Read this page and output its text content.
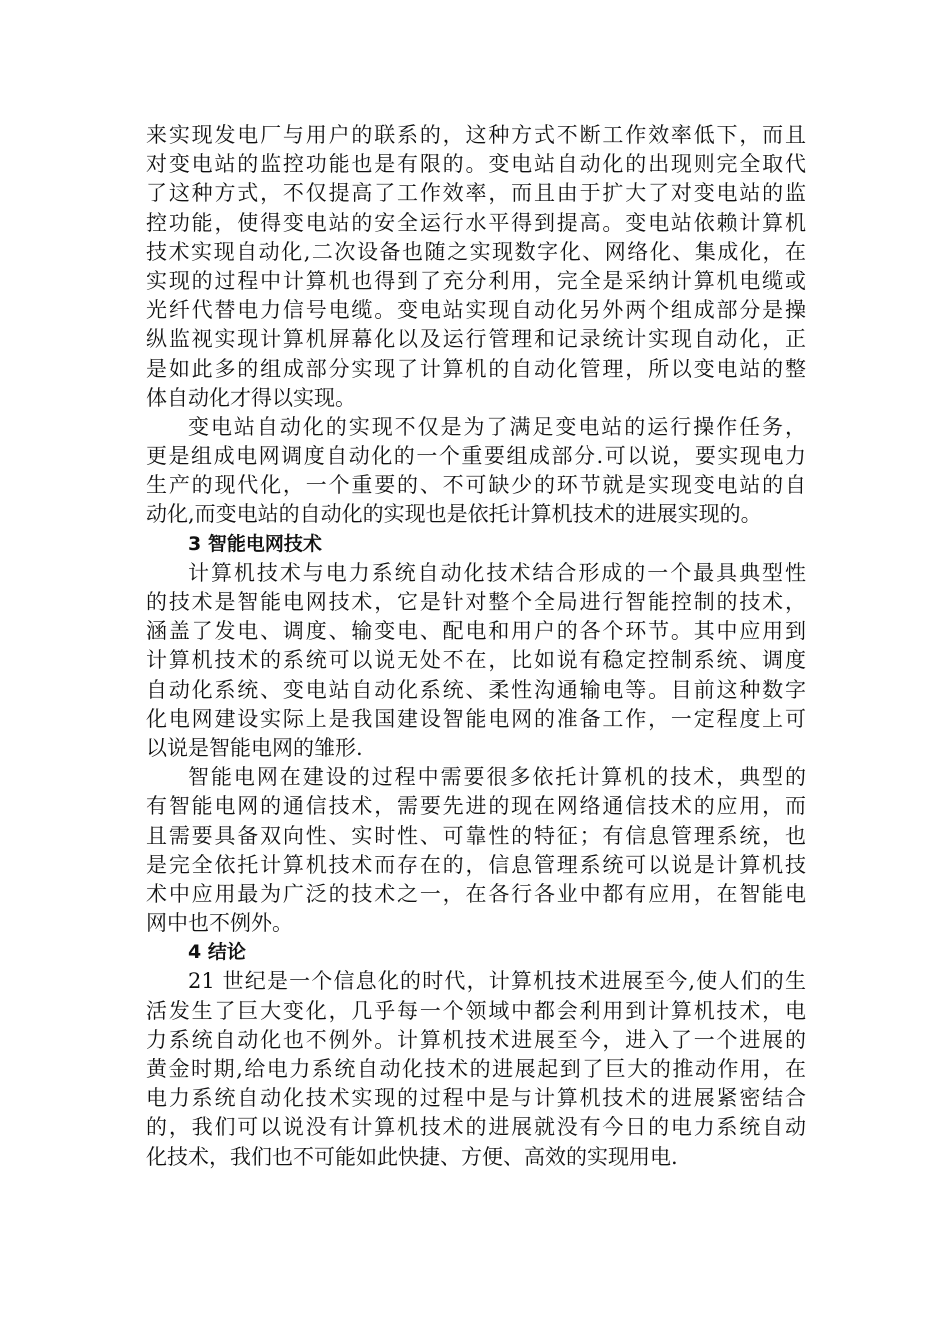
来实现发电厂与用户的联系的，这种方式不断工作效率低下，而且
对变电站的监控功能也是有限的。变电站自动化的出现则完全取代
了这种方式，不仅提高了工作效率，而且由于扩大了对变电站的监
控功能，使得变电站的安全运行水平得到提高。变电站依赖计算机
技术实现自动化,二次设备也随之实现数字化、网络化、集成化，在
实现的过程中计算机也得到了充分利用，完全是采纳计算机电缆或
光纤代替电力信号电缆。变电站实现自动化另外两个组成部分是操
纵监视实现计算机屏幕化以及运行管理和记录统计实现自动化，正
是如此多的组成部分实现了计算机的自动化管理，所以变电站的整
体自动化才得以实现。
变电站自动化的实现不仅是为了满足变电站的运行操作任务，
更是组成电网调度自动化的一个重要组成部分.可以说，要实现电力
生产的现代化，一个重要的、不可缺少的环节就是实现变电站的自
动化,而变电站的自动化的实现也是依托计算机技术的进展实现的。
3 智能电网技术
计算机技术与电力系统自动化技术结合形成的一个最具典型性
的技术是智能电网技术，它是针对整个全局进行智能控制的技术，
涵盖了发电、调度、输变电、配电和用户的各个环节。其中应用到
计算机技术的系统可以说无处不在，比如说有稳定控制系统、调度
自动化系统、变电站自动化系统、柔性沟通输电等。目前这种数字
化电网建设实际上是我国建设智能电网的准备工作，一定程度上可
以说是智能电网的雏形.
智能电网在建设的过程中需要很多依托计算机的技术，典型的
有智能电网的通信技术，需要先进的现在网络通信技术的应用，而
且需要具备双向性、实时性、可靠性的特征；有信息管理系统，也
是完全依托计算机技术而存在的，信息管理系统可以说是计算机技
术中应用最为广泛的技术之一，在各行各业中都有应用，在智能电
网中也不例外。
4 结论
21 世纪是一个信息化的时代，计算机技术进展至今,使人们的生
活发生了巨大变化，几乎每一个领域中都会利用到计算机技术，电
力系统自动化也不例外。计算机技术进展至今，进入了一个进展的
黄金时期,给电力系统自动化技术的进展起到了巨大的推动作用，在
电力系统自动化技术实现的过程中是与计算机技术的进展紧密结合
的，我们可以说没有计算机技术的进展就没有今日的电力系统自动
化技术，我们也不可能如此快捷、方便、高效的实现用电.
